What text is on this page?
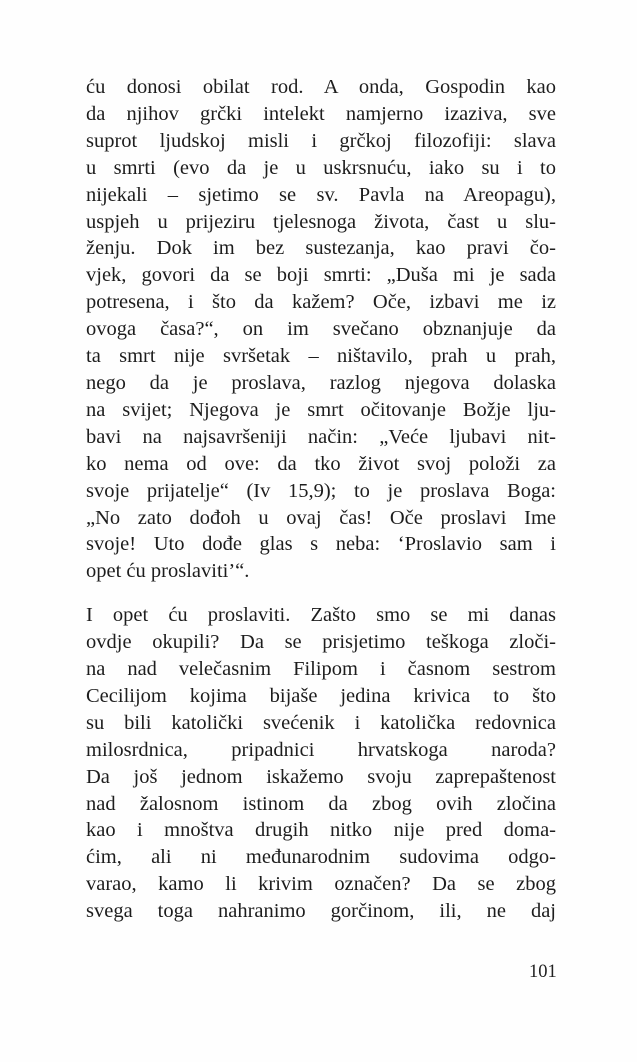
ću donosi obilat rod. A onda, Gospodin kao
da njihov grčki intelekt namjerno izaziva, sve
suprot ljudskoj misli i grčkoj filozofiji: slava
u smrti (evo da je u uskrsnuću, iako su i to
nijekali – sjetimo se sv. Pavla na Areopagu),
uspjeh u prijeziru tjelesnoga života, čast u slu-
ženju. Dok im bez sustezanja, kao pravi čo-
vjek, govori da se boji smrti: „Duša mi je sada
potresena, i što da kažem? Oče, izbavi me iz
ovoga časa?“, on im svečano obznanjuje da
ta smrt nije svršetak – ništavilo, prah u prah,
nego da je proslava, razlog njegova dolaska
na svijet; Njegova je smrt očitovanje Božje lju-
bavi na najsavršeniji način: „Veće ljubavi nit-
ko nema od ove: da tko život svoj položi za
svoje prijatelje“ (Iv 15,9); to je proslava Boga:
„No zato dođoh u ovaj čas! Oče proslavi Ime
svoje! Uto dođe glas s neba: ‘Proslavio sam i
opet ću proslaviti’“.
I opet ću proslaviti. Zašto smo se mi danas
ovdje okupili? Da se prisjetimo teškoga zloči-
na nad velečasnim Filipom i časnom sestrom
Cecilijom kojima bijaše jedina krivica to što
su bili katolički svećenik i katolička redovnica
milosrdnica, pripadnici hrvatskoga naroda?
Da još jednom iskažemo svoju zaprepaštenost
nad žalosnom istinom da zbog ovih zločina
kao i mnoštva drugih nitko nije pred doma-
ćim, ali ni međunarodnim sudovima odgo-
varao, kamo li krivim označen? Da se zbog
svega toga nahranimo gorčinom, ili, ne daj
101
